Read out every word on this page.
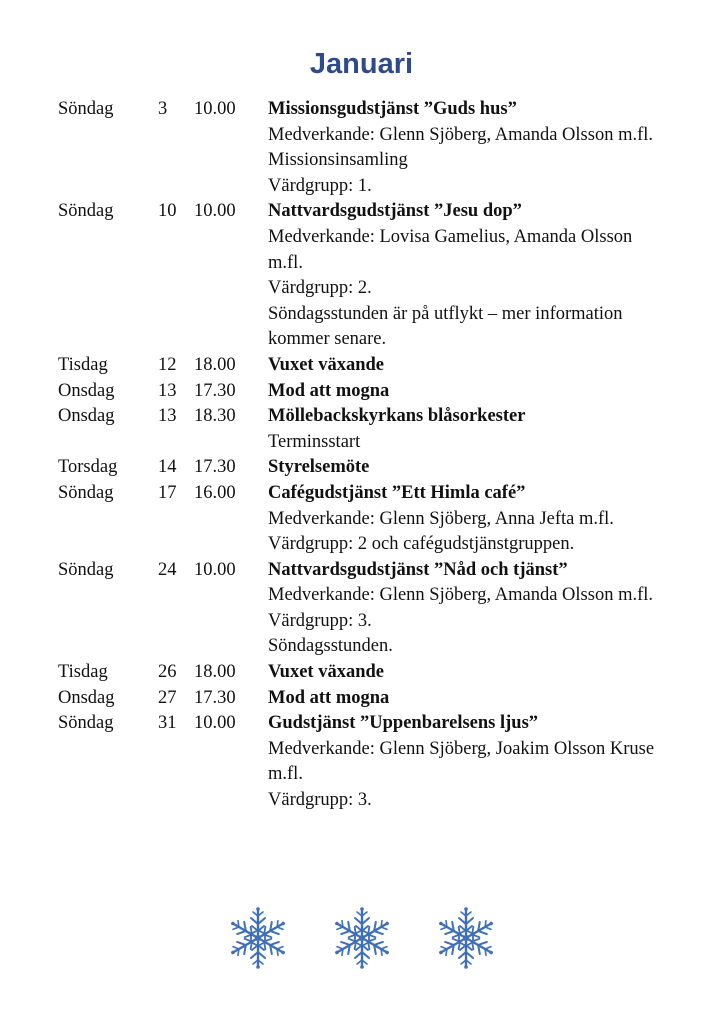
Januari
Söndag	3	10.00	Missionsgudstjänst ”Guds hus”
Medverkande: Glenn Sjöberg, Amanda Olsson m.fl.
Missionsinsamling
Värdgrupp: 1.
Söndag	10 10.00	Nattvardsgudstjänst ”Jesu dop”
Medverkande: Lovisa Gamelius, Amanda Olsson m.fl.
Värdgrupp: 2.
Söndagsstunden är på utflykt – mer information kommer senare.
Tisdag	12 18.00	Vuxet växande
Onsdag	13 17.30	Mod att mogna
Onsdag	13 18.30	Möllebackskyrkans blåsorkester
Terminsstart
Torsdag	14 17.30	Styrelsemöte
Söndag	17 16.00	Cafégudstjänst ”Ett Himla café”
Medverkande: Glenn Sjöberg, Anna Jefta m.fl.
Värdgrupp: 2 och cafégudstjänstgruppen.
Söndag	24 10.00	Nattvardsgudstjänst ”Nåd och tjänst”
Medverkande: Glenn Sjöberg, Amanda Olsson m.fl.
Värdgrupp: 3.
Söndagsstunden.
Tisdag	26 18.00	Vuxet växande
Onsdag	27 17.30	Mod att mogna
Söndag	31 10.00	Gudstjänst ”Uppenbarelsens ljus”
Medverkande: Glenn Sjöberg, Joakim Olsson Kruse m.fl.
Värdgrupp: 3.
